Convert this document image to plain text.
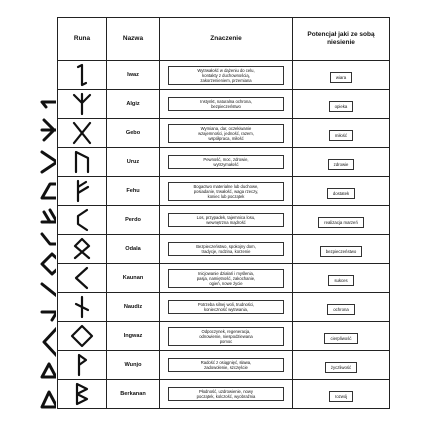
Runa	Nazwa	Znaczenie	Potencjał jaki ze sobą niesienie

	Iwaz	Wytrwałość w dążeniu do celu,
kontakty z duchownością,
zakorzenieniem, przemiana	wiara

	Algiz	Instynkt, naturalna ochrona,
bezpieczeństwo	opieka

	Gebo	Wymiana, dar, oczekiwanie
wzajemności, jedność, razem,
współpraca, miłość	miłość

	Uruz	Pewność, moc, zdrowie,
wytrzymałość	zdrowie

	Fehu	Bogactwo materialne lub duchowe,
posiadanie, trwałość, waga rzeczy,
koniec lub początek	dostatek

	Perdo	Los, przypadek, tajemnica losu,
wewnętrzna mądrość	realizacja marzeń

	Odala	Bezpieczeństwo, spokojny dom,
tradycje, rodzina, korzenie	bezpieczeństwo

	Kaunan	Inicjowanie działań i myślenia,
pasja, namiętność, zakochanie,
ogień, nowe życie	sukces

	Naudiz	Potrzeba silnej woli, trudności,
konieczność wytrwania,	ochrona

	Ingwaz	Odpoczynek, regeneracja,
odnowienie, niespodziewana
pomoc	cierpliwość

	Wunjo	Radość z osiągnięć, sława,
zadowolenie, szczęście	życzliwość

	Berkanan	Płodność, uzdrowienie, nowy
początek, kolczość, wyobraźnia	rozwój
